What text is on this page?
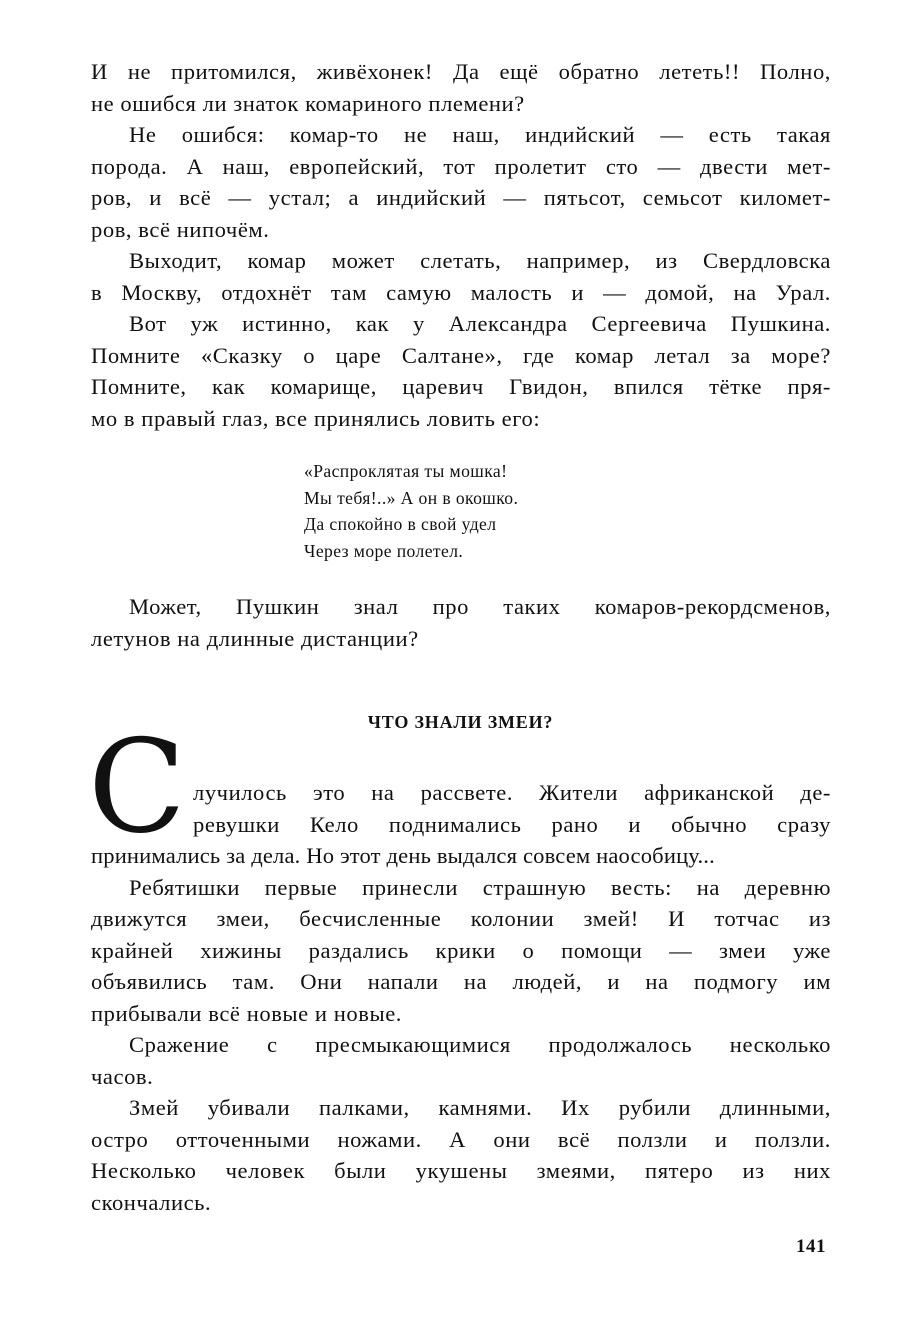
И не притомился, живёхонек! Да ещё обратно лететь!! Полно,

не ошибся ли знаток комариного племени?

Не ошибся: комар-то не наш, индийский — есть такая

порода. А наш, европейский, тот пролетит сто — двести мет-

ров, и всё — устал; а индийский — пятьсот, семьсот километ-

ров, всё нипочём.

Выходит, комар может слетать, например, из Свердловска

в Москву, отдохнёт там самую малость и — домой, на Урал.

Вот уж истинно, как у Александра Сергеевича Пушкина.

Помните «Сказку о царе Салтане», где комар летал за море?

Помните, как комарище, царевич Гвидон, впился тётке пря-

мо в правый глаз, все принялись ловить его:

«Распроклятая ты мошка!
Мы тебя!..» А он в окошко.
Да спокойно в свой удел
Через море полетел.

Может, Пушкин знал про таких комаров-рекордсменов,

летунов на длинные дистанции?

ЧТО ЗНАЛИ ЗМЕИ?
С лучилось это на рассвете. Жители африканской де-

ревушки Кело поднимались рано и обычно сразу

принимались за дела. Но этот день выдался совсем наособицу...

Ребятишки первые принесли страшную весть: на деревню

движутся змеи, бесчисленные колонии змей! И тотчас из

крайней хижины раздались крики о помощи — змеи уже

объявились там. Они напали на людей, и на подмогу им

прибывали всё новые и новые.

Сражение с пресмыкающимися продолжалось несколько

часов.

Змей убивали палками, камнями. Их рубили длинными,

остро отточенными ножами. А они всё ползли и ползли.

Несколько человек были укушены змеями, пятеро из них

скончались.

141
